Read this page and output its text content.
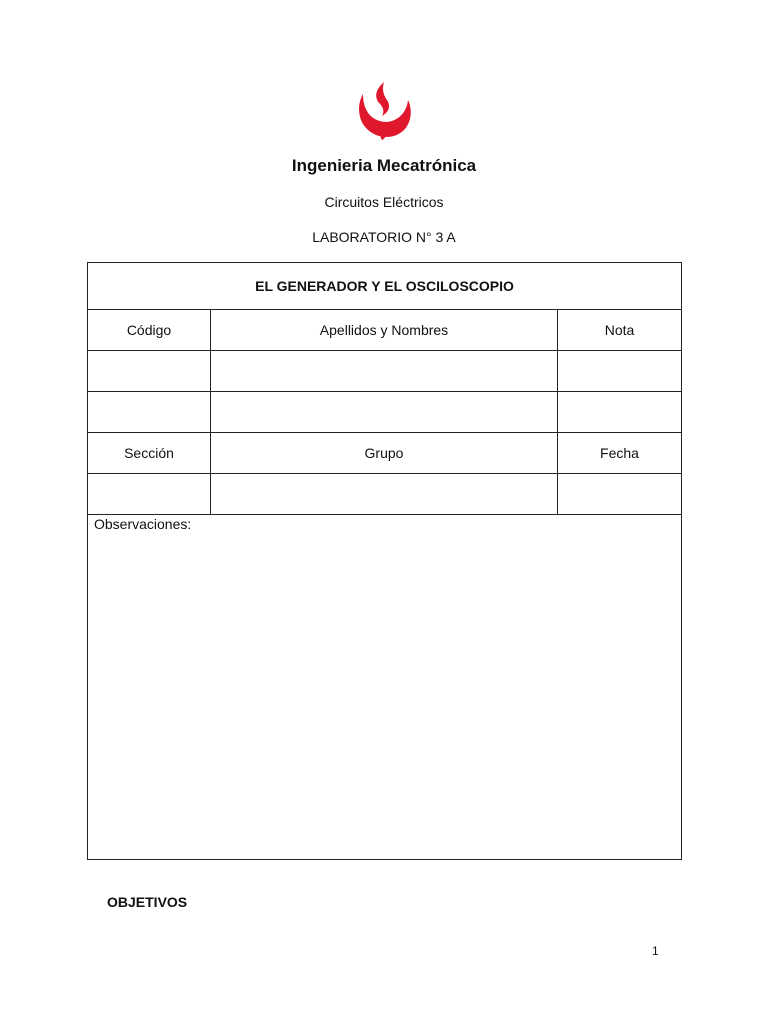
Ingenieria Mecatrónica
Circuitos Eléctricos
LABORATORIO N° 3 A
EL GENERADOR Y EL OSCILOSCOPIO		
Código	Apellidos y Nombres	Nota

Sección	Grupo	Fecha

Observaciones:		
OBJETIVOS
1
